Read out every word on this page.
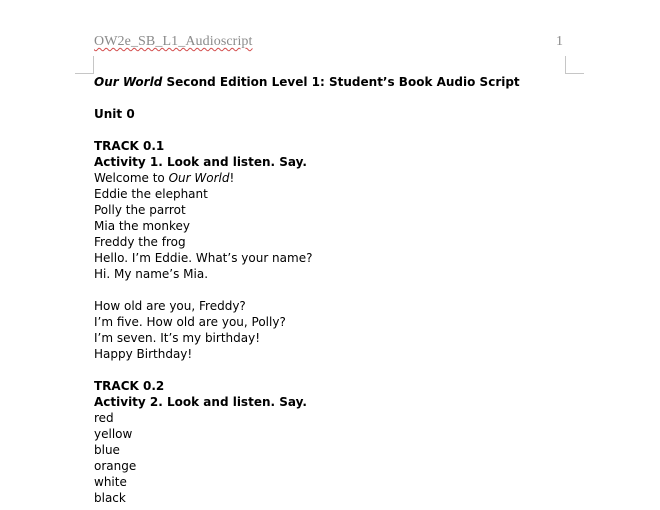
OW2e_SB_L1_Audioscript	1
Our World Second Edition Level 1: Student’s Book Audio Script
Unit 0
TRACK 0.1
Activity 1. Look and listen. Say.
Welcome to Our World!
Eddie the elephant
Polly the parrot
Mia the monkey
Freddy the frog
Hello. I’m Eddie. What’s your name?
Hi. My name’s Mia.
How old are you, Freddy?
I’m five. How old are you, Polly?
I’m seven. It’s my birthday!
Happy Birthday!
TRACK 0.2
Activity 2. Look and listen. Say.
red
yellow
blue
orange
white
black
